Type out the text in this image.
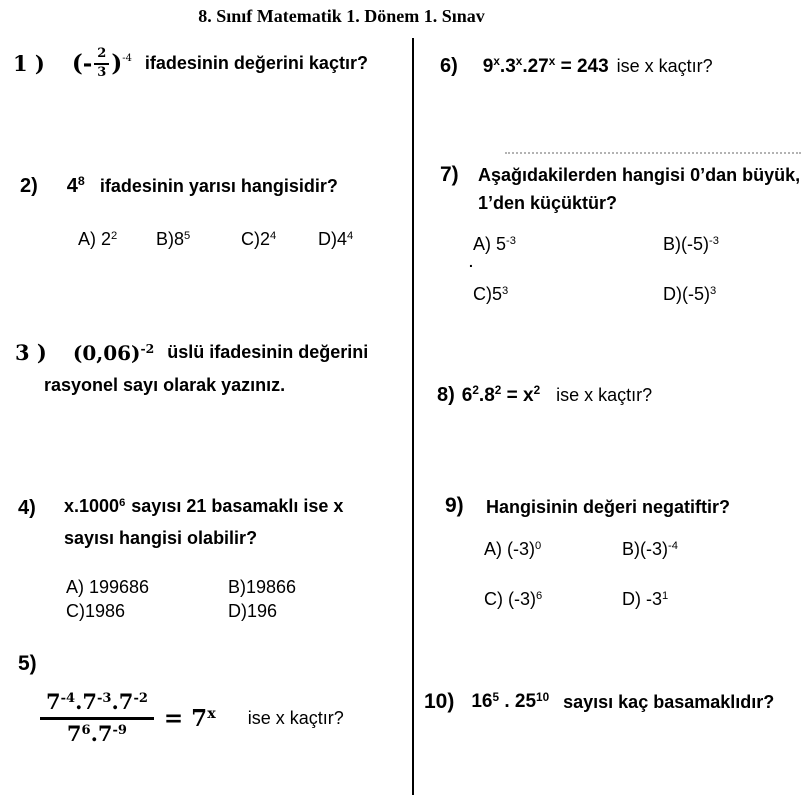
8. Sınıf Matematik 1. Dönem 1. Sınav
1 ) (- $\frac{2}{3}$ ) -4 ifadesinin değerini kaçtır?
2) $4^8$ ifadesinin yarısı hangisidir?
A) $2^2$ $B)8^5$	$C)2^4$ $D)4^4$
3 ) $(0,06)^{-2}$ üslü ifadesinin değerini
rasyonel sayı olarak yazınız.
4) x.1000$^6$ sayısı 21 basamaklı ise x
sayısı hangisi olabilir?
A) 199686	B)19866
C)1986	D)196
5)
$\frac{7^{-4}.7^{-3}.7^{-2}}{7^6.7^{-9}} = 7^x$ ise x kaçtır?
6) $9^x.3^x.27^x = 243$ ise x kaçtır?
7) Aşağıdakilerden hangisi 0’dan büyük,
1’den küçüktür?
A) $5^{-3}$	$B)(-5)^{-3}$
.
$C)5^3$	$D)(-5)^3$
8) $6^2.8^2 = x^2$ ise x kaçtır?
9) Hangisinin değeri negatiftir?
A) $(-3)^0$	$B)(-3)^{-4}$
C) $(-3)^6$	D) $-3^1$
10) $16^5$ . $25^{10}$ sayısı kaç basamaklıdır?
